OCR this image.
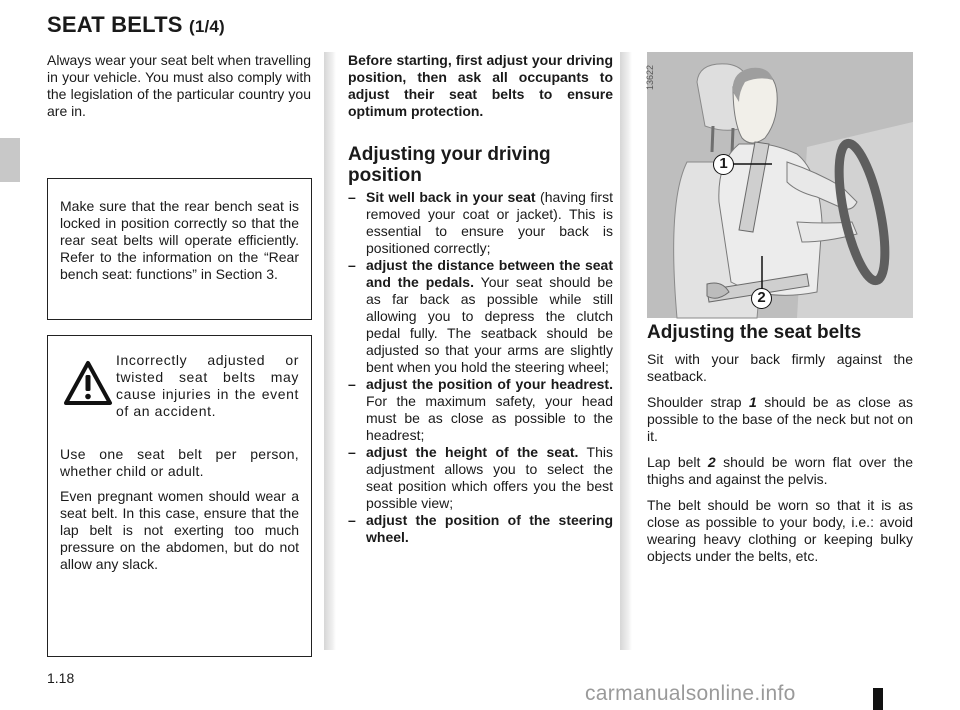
SEAT BELTS (1/4)
Always wear your seat belt when travelling in your vehicle. You must also comply with the legislation of the particular country you are in.

Make sure that the rear bench seat is locked in position correctly so that the rear seat belts will operate efficiently. Refer to the information on the “Rear bench seat: functions” in Section 3.

Incorrectly adjusted or twisted seat belts may cause injuries in the event of an accident.

Use one seat belt per person, whether child or adult.

Even pregnant women should wear a seat belt. In this case, ensure that the lap belt is not exerting too much pressure on the abdomen, but do not allow any slack.

Before starting, first adjust your driving position, then ask all occupants to adjust their seat belts to ensure optimum protection.

Adjusting your driving position
– Sit well back in your seat (having first removed your coat or jacket). This is essential to ensure your back is positioned correctly;
– adjust the distance between the seat and the pedals. Your seat should be as far back as possible while still allowing you to depress the clutch pedal fully. The seatback should be adjusted so that your arms are slightly bent when you hold the steering wheel;
– adjust the position of your headrest. For the maximum safety, your head must be as close as possible to the headrest;
– adjust the height of the seat. This adjustment allows you to select the seat position which offers you the best possible view;
– adjust the position of the steering wheel.
13622
1
2
Adjusting the seat belts

Sit with your back firmly against the seatback.

Shoulder strap 1 should be as close as possible to the base of the neck but not on it.

Lap belt 2 should be worn flat over the thighs and against the pelvis.

The belt should be worn so that it is as close as possible to your body, i.e.: avoid wearing heavy clothing or keeping bulky objects under the belts, etc.

1.18
carmanualsonline.info
